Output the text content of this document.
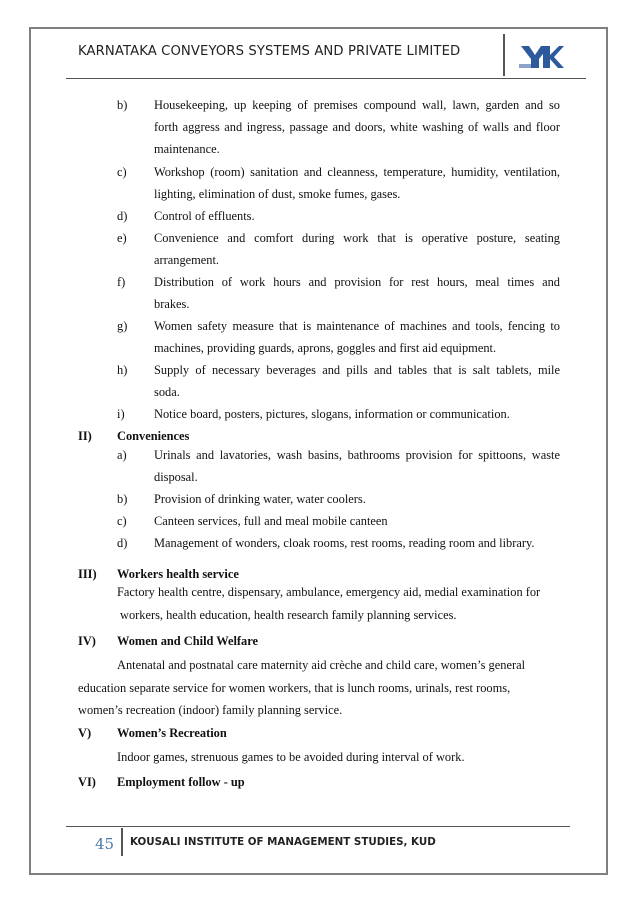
KARNATAKA CONVEYORS SYSTEMS AND PRIVATE LIMITED
b) Housekeeping, up keeping of premises compound wall, lawn, garden and so
forth aggress and ingress, passage and doors, white washing of walls and floor
maintenance.
c) Workshop (room) sanitation and cleanness, temperature, humidity, ventilation,
lighting, elimination of dust, smoke fumes, gases.
d) Control of effluents.
e) Convenience and comfort during work that is operative posture, seating
arrangement.
f) Distribution of work hours and provision for rest hours, meal times and
brakes.
g) Women safety measure that is maintenance of machines and tools, fencing to
machines, providing guards, aprons, goggles and first aid equipment.
h) Supply of necessary beverages and pills and tables that is salt tablets, mile
soda.
i) Notice board, posters, pictures, slogans, information or communication.
II) Conveniences
a) Urinals and lavatories, wash basins, bathrooms provision for spittoons, waste
disposal.
b) Provision of drinking water, water coolers.
c) Canteen services, full and meal mobile canteen
d) Management of wonders, cloak rooms, rest rooms, reading room and library.
III) Workers health service
Factory health centre, dispensary, ambulance, emergency aid, medial examination for
workers, health education, health research family planning services.
IV) Women and Child Welfare
Antenatal and postnatal care maternity aid crèche and child care, women’s general
education separate service for women workers, that is lunch rooms, urinals, rest rooms,
women’s recreation (indoor) family planning service.
V) Women’s Recreation
Indoor games, strenuous games to be avoided during interval of work.
VI) Employment follow - up
45 KOUSALI INSTITUTE OF MANAGEMENT STUDIES, KUD
